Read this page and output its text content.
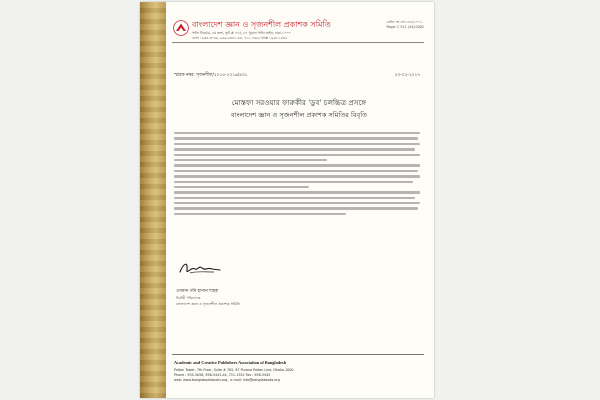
বাংলাদেশ জ্ঞান ও সৃজনশীল প্রকাশক সমিতি
পল্টন টাওয়ার, ৮ম তলা, স্যুট # ৭০৫, ৮৭ পুরানা পল্টন লাইন, ঢাকা-১০০০
ফোন : ৯৩৫-৩০৫৮, ৯৫৬-৫৪৪১-৪৪, ৭১১-১৩৫২ ফ্যাক্স : ৯৫৮-১৪৪৫
রেজি: নং এস-১৮৪/২০০২
Regd: C 511 (44)/2002
স্মারক নম্বর: সৃজনশীল/২০১৫-২০১৬/৪৩১	২৩-০২-২০১৭
মোস্তফা সরওয়ার ফারুকীর 'ডুব' চলচ্চিত্র প্রসঙ্গে
বাংলাদেশ জ্ঞান ও সৃজনশীল প্রকাশক সমিতির বিবৃতি
ওসমান গনি হাসান শাহক
নির্বাহী পরিচালক
বাংলাদেশ জ্ঞান ও সৃজনশীল প্রকাশক সমিতি
Academic and Creative Publishers Association of Bangladesh
Paltan Tower, 7th Floor, Suite # 705, 87 Purana Paltan Line, Dhaka-1000
Phone : 935-3058, 956-5441-44, 711-1352 Fax : 958-3445
web: www.banglabookbooks.org , e-mail: info@banglabooks.org
